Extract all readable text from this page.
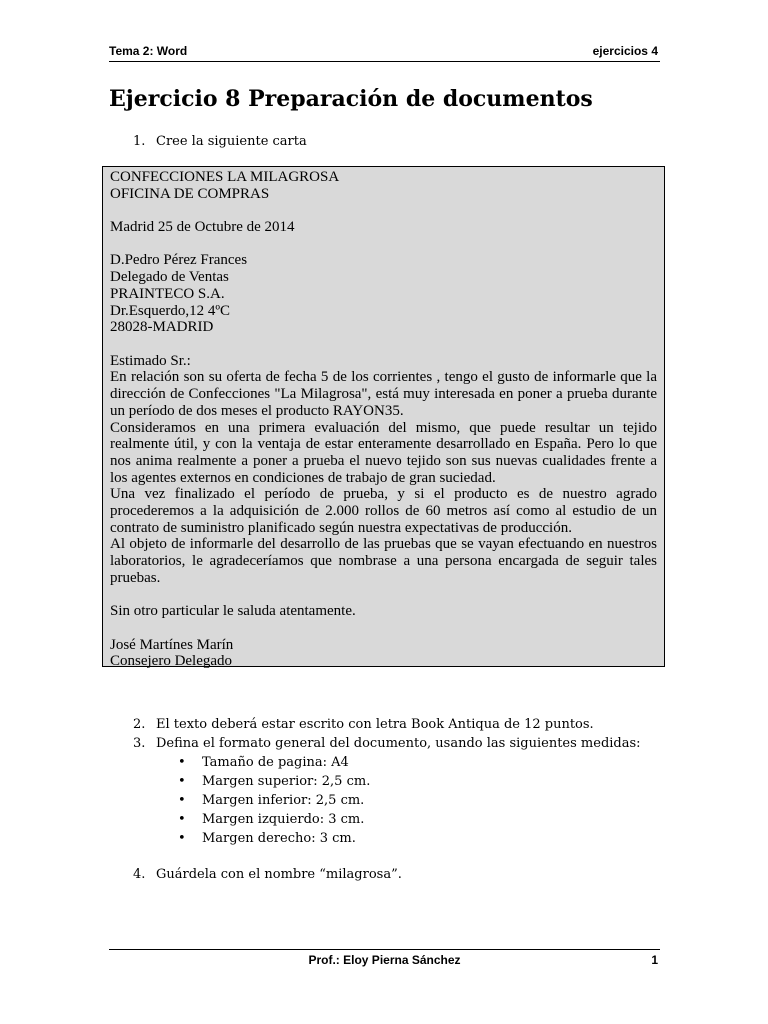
Tema 2: Word	ejercicios 4
Ejercicio 8 Preparación de documentos
1. Cree la siguiente carta

CONFECCIONES LA MILAGROSA

OFICINA DE COMPRAS

Madrid 25 de Octubre de 2014

D.Pedro Pérez Frances

Delegado de Ventas

PRAINTECO S.A.

Dr.Esquerdo,12 4ºC

28028-MADRID

Estimado Sr.:

En relación son su oferta de fecha 5 de los corrientes , tengo el gusto de informarle que la dirección de Confecciones "La Milagrosa", está muy interesada en poner a prueba durante un período de dos meses el producto RAYON35.

Consideramos en una primera evaluación del mismo, que puede resultar un tejido realmente útil, y con la ventaja de estar enteramente desarrollado en España. Pero lo que nos anima realmente a poner a prueba el nuevo tejido son sus nuevas cualidades frente a los agentes externos en condiciones de trabajo de gran suciedad.

Una vez finalizado el período de prueba, y si el producto es de nuestro agrado procederemos a la adquisición de 2.000 rollos de 60 metros así como al estudio de un contrato de suministro planificado según nuestra expectativas de producción.

Al objeto de informarle del desarrollo de las pruebas que se vayan efectuando en nuestros laboratorios, le agradeceríamos que nombrase a una persona encargada de seguir tales pruebas.

Sin otro particular le saluda atentamente.

José Martínes Marín

Consejero Delegado

2. El texto deberá estar escrito con letra Book Antiqua de 12 puntos.
3. Defina el formato general del documento, usando las siguientes medidas:
• Tamaño de pagina: A4
• Margen superior: 2,5 cm.
• Margen inferior: 2,5 cm.
• Margen izquierdo: 3 cm.
• Margen derecho: 3 cm.
4. Guárdela con el nombre “milagrosa”.
Prof.: Eloy Pierna Sánchez	1
